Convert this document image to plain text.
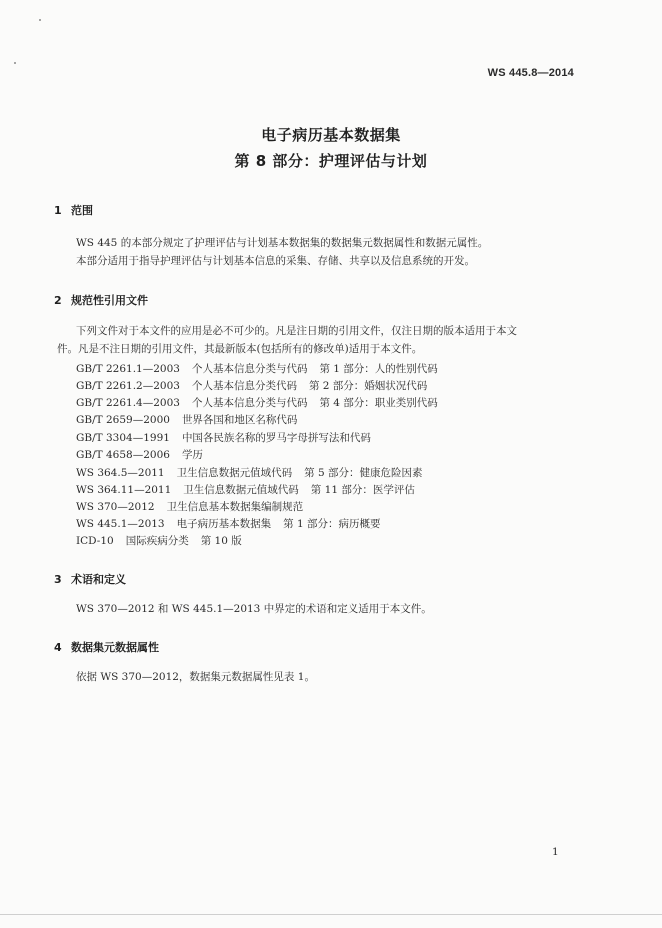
WS 445.8—2014
电子病历基本数据集
第 8 部分：护理评估与计划
1 范围
WS 445 的本部分规定了护理评估与计划基本数据集的数据集元数据属性和数据元属性。
本部分适用于指导护理评估与计划基本信息的采集、存储、共享以及信息系统的开发。
2 规范性引用文件
下列文件对于本文件的应用是必不可少的。凡是注日期的引用文件，仅注日期的版本适用于本文
件。凡是不注日期的引用文件，其最新版本(包括所有的修改单)适用于本文件。
GB/T 2261.1—2003 个人基本信息分类与代码 第 1 部分：人的性别代码
GB/T 2261.2—2003 个人基本信息分类代码 第 2 部分：婚姻状况代码
GB/T 2261.4—2003 个人基本信息分类与代码 第 4 部分：职业类别代码
GB/T 2659—2000 世界各国和地区名称代码
GB/T 3304—1991 中国各民族名称的罗马字母拼写法和代码
GB/T 4658—2006 学历
WS 364.5—2011 卫生信息数据元值域代码 第 5 部分：健康危险因素
WS 364.11—2011 卫生信息数据元值域代码 第 11 部分：医学评估
WS 370—2012 卫生信息基本数据集编制规范
WS 445.1—2013 电子病历基本数据集 第 1 部分：病历概要
ICD-10 国际疾病分类 第 10 版
3 术语和定义
WS 370—2012 和 WS 445.1—2013 中界定的术语和定义适用于本文件。
4 数据集元数据属性
依据 WS 370—2012，数据集元数据属性见表 1。
1
